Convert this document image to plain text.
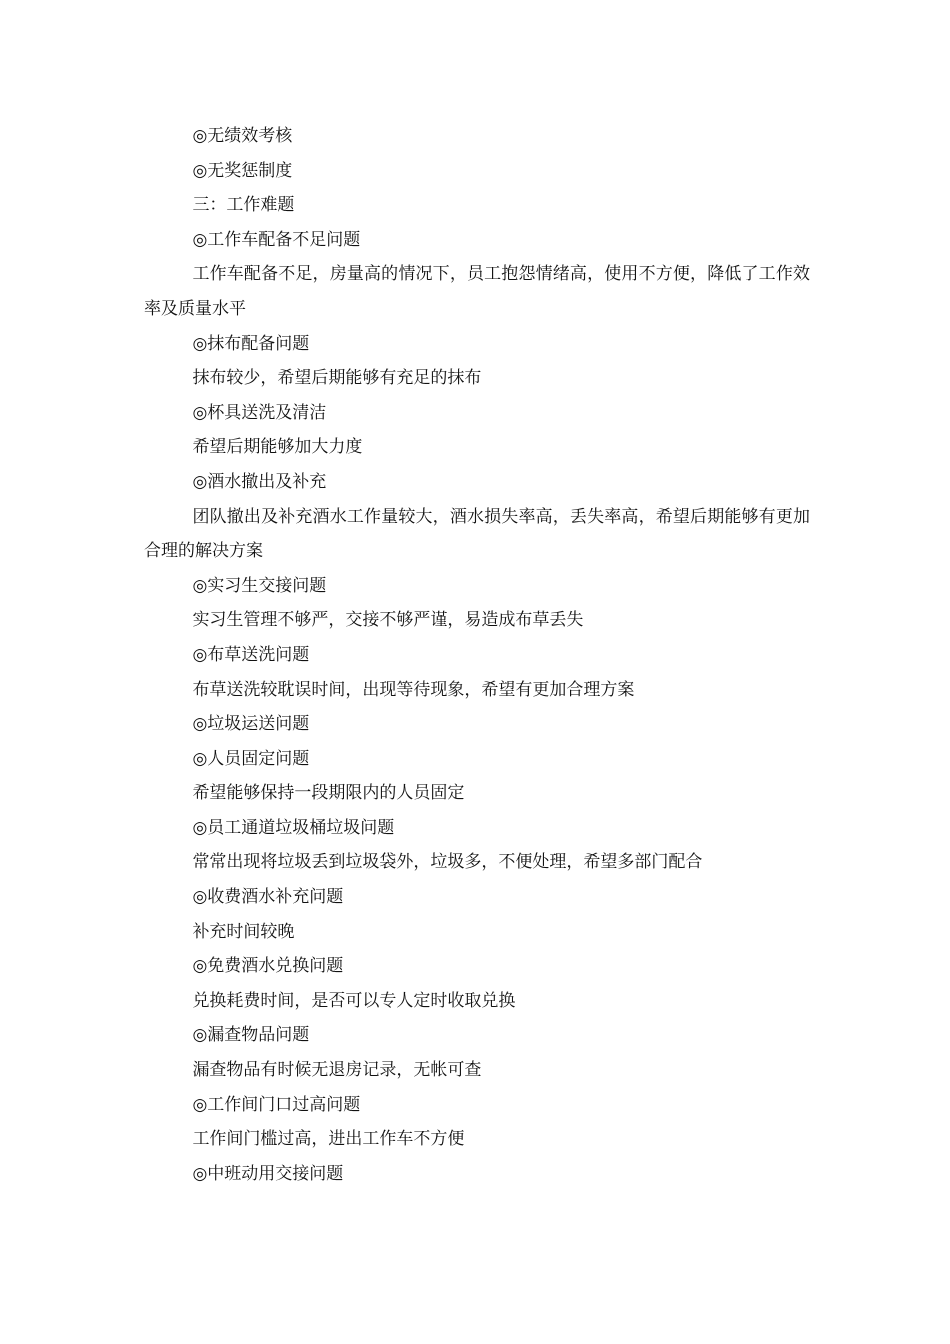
◎无绩效考核

◎无奖惩制度

三：工作难题

◎工作车配备不足问题

工作车配备不足，房量高的情况下，员工抱怨情绪高，使用不方便，降低了工作效率及质量水平

◎抹布配备问题

抹布较少，希望后期能够有充足的抹布

◎杯具送洗及清洁

希望后期能够加大力度

◎酒水撤出及补充

团队撤出及补充酒水工作量较大，酒水损失率高，丢失率高，希望后期能够有更加合理的解决方案

◎实习生交接问题

实习生管理不够严，交接不够严谨，易造成布草丢失

◎布草送洗问题

布草送洗较耽误时间，出现等待现象，希望有更加合理方案

◎垃圾运送问题

◎人员固定问题

希望能够保持一段期限内的人员固定

◎员工通道垃圾桶垃圾问题

常常出现将垃圾丢到垃圾袋外，垃圾多，不便处理，希望多部门配合

◎收费酒水补充问题

补充时间较晚

◎免费酒水兑换问题

兑换耗费时间，是否可以专人定时收取兑换

◎漏查物品问题

漏查物品有时候无退房记录，无帐可查

◎工作间门口过高问题

工作间门槛过高，进出工作车不方便

◎中班动用交接问题
